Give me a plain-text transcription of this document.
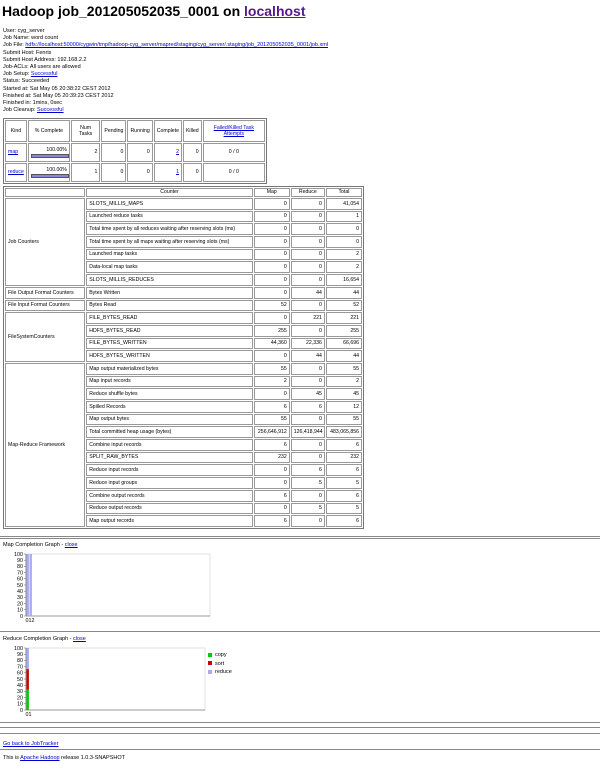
Hadoop job_201205052035_0001 on localhost
User: cyg_server
Job Name: word count
Job File: hdfs://localhost:50000/cygwin/tmp/hadoop-cyg_server/mapred/staging/cyg_server/.staging/job_201205052035_0001/job.xml
Submit Host: Fenris
Submit Host Address: 192.168.2.2
Job-ACLs: All users are allowed
Job Setup: Successful
Status: Succeeded
Started at: Sat May 05 20:38:22 CEST 2012
Finished at: Sat May 05 20:39:23 CEST 2012
Finished in: 1mins, 0sec
Job Cleanup: Successful
Kind	% Complete	Num Tasks	Pending	Running	Complete	Killed	Failed/Killed Task Attempts
map	100.00%	2	0	0	2	0	0 / 0
reduce	100.00%	1	0	0	1	0	0 / 0
	Counter	Map	Reduce	Total
Job Counters	SLOTS_MILLIS_MAPS	0	0	41,054
	Launched reduce tasks	0	0	1
	Total time spent by all reduces waiting after reserving slots (ms)	0	0	0
	Total time spent by all maps waiting after reserving slots (ms)	0	0	0
	Launched map tasks	0	0	2
	Data-local map tasks	0	0	2
	SLOTS_MILLIS_REDUCES	0	0	16,654
File Output Format Counters	Bytes Written	0	44	44
File Input Format Counters	Bytes Read	52	0	52
FileSystemCounters	FILE_BYTES_READ	0	221	221
	HDFS_BYTES_READ	255	0	255
	FILE_BYTES_WRITTEN	44,360	22,336	66,696
	HDFS_BYTES_WRITTEN	0	44	44
Map-Reduce Framework	Map output materialized bytes	55	0	55
	Map input records	2	0	2
	Reduce shuffle bytes	0	45	45
	Spilled Records	6	6	12
	Map output bytes	55	0	55
	Total committed heap usage (bytes)	256,646,912	126,418,944	483,065,856
	Combine input records	6	0	6
	SPLIT_RAW_BYTES	232	0	232
	Reduce input records	0	6	6
	Reduce input groups	0	5	5
	Combine output records	6	0	6
	Reduce output records	0	5	5
	Map output records	6	0	6
Map Completion Graph - close
100
90
80
70
60
50
40
30
20
10
0
0 1 2
Reduce Completion Graph - close
100
90
80
70
60
50
40
30
20
10
0
0 1
copy
sort
reduce
Go back to JobTracker
This is Apache Hadoop release 1.0.3-SNAPSHOT
